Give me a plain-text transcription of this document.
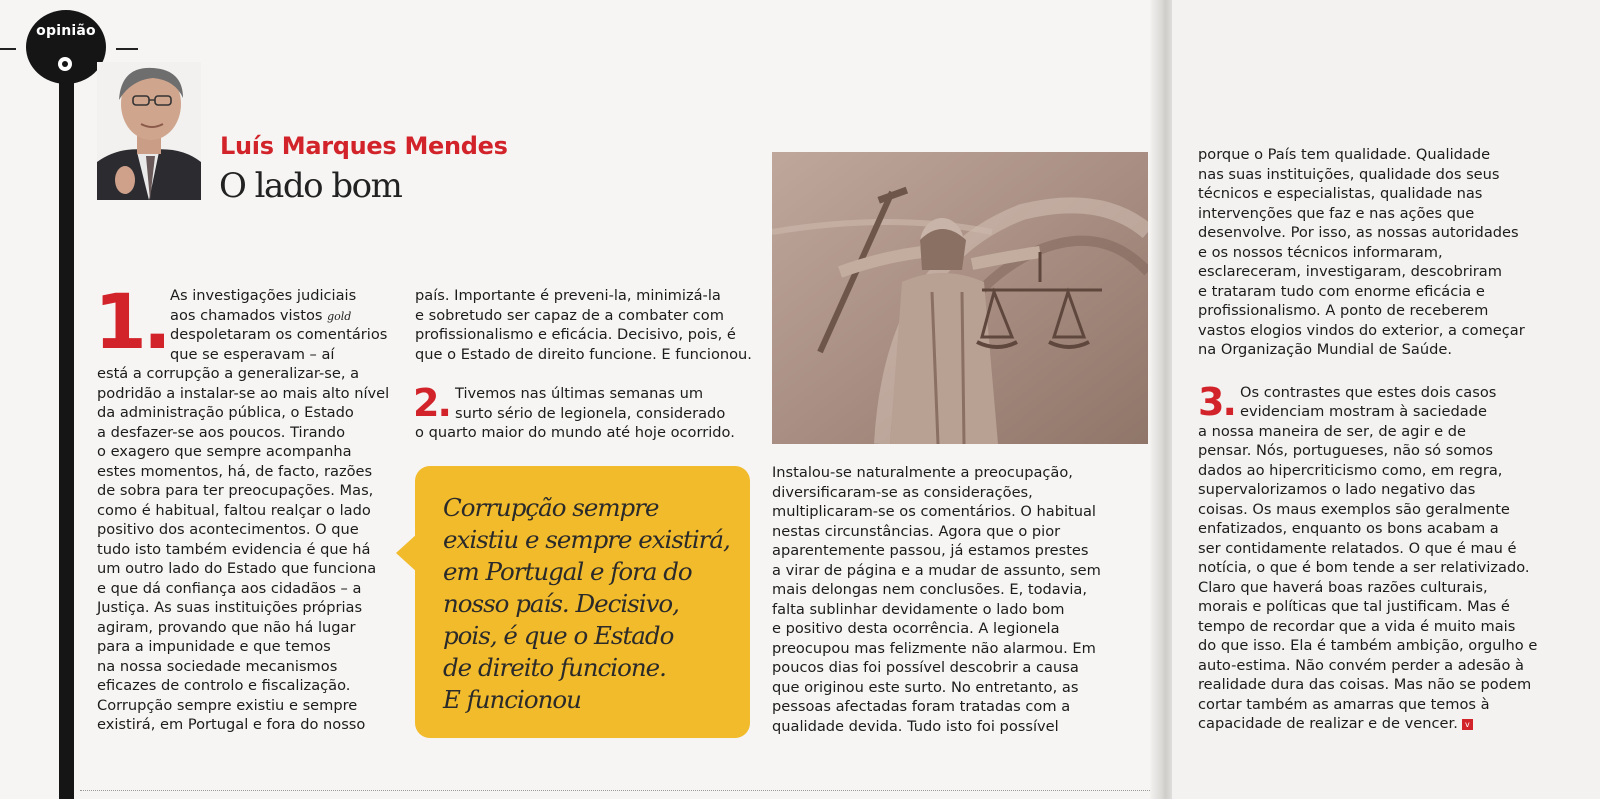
opinião
Luís Marques Mendes
O lado bom
1. As investigações judiciais
aos chamados vistos gold
despoletaram os comentários
que se esperavam – aí
está a corrupção a generalizar-se, a
podridão a instalar-se ao mais alto nível
da administração pública, o Estado
a desfazer-se aos poucos. Tirando
o exagero que sempre acompanha
estes momentos, há, de facto, razões
de sobra para ter preocupações. Mas,
como é habitual, faltou realçar o lado
positivo dos acontecimentos. O que
tudo isto também evidencia é que há
um outro lado do Estado que funciona
e que dá confiança aos cidadãos – a
Justiça. As suas instituições próprias
agiram, provando que não há lugar
para a impunidade e que temos
na nossa sociedade mecanismos
eficazes de controlo e fiscalização.
Corrupção sempre existiu e sempre
existirá, em Portugal e fora do nosso
país. Importante é preveni-la, minimizá-la
e sobretudo ser capaz de a combater com
profissionalismo e eficácia. Decisivo, pois, é
que o Estado de direito funcione. E funcionou.
2. Tivemos nas últimas semanas um
surto sério de legionela, considerado
o quarto maior do mundo até hoje ocorrido.
Corrupção sempre
existiu e sempre existirá,
em Portugal e fora do
nosso país. Decisivo,
pois, é que o Estado
de direito funcione.
E funcionou
Instalou-se naturalmente a preocupação,
diversificaram-se as considerações,
multiplicaram-se os comentários. O habitual
nestas circunstâncias. Agora que o pior
aparentemente passou, já estamos prestes
a virar de página e a mudar de assunto, sem
mais delongas nem conclusões. E, todavia,
falta sublinhar devidamente o lado bom
e positivo desta ocorrência. A legionela
preocupou mas felizmente não alarmou. Em
poucos dias foi possível descobrir a causa
que originou este surto. No entretanto, as
pessoas afectadas foram tratadas com a
qualidade devida. Tudo isto foi possível
porque o País tem qualidade. Qualidade
nas suas instituições, qualidade dos seus
técnicos e especialistas, qualidade nas
intervenções que faz e nas ações que
desenvolve. Por isso, as nossas autoridades
e os nossos técnicos informaram,
esclareceram, investigaram, descobriram
e trataram tudo com enorme eficácia e
profissionalismo. A ponto de receberem
vastos elogios vindos do exterior, a começar
na Organização Mundial de Saúde.
3. Os contrastes que estes dois casos
evidenciam mostram à saciedade
a nossa maneira de ser, de agir e de
pensar. Nós, portugueses, não só somos
dados ao hipercriticismo como, em regra,
supervalorizamos o lado negativo das
coisas. Os maus exemplos são geralmente
enfatizados, enquanto os bons acabam a
ser contidamente relatados. O que é mau é
notícia, o que é bom tende a ser relativizado.
Claro que haverá boas razões culturais,
morais e políticas que tal justificam. Mas é
tempo de recordar que a vida é muito mais
do que isso. Ela é também ambição, orgulho e
auto-estima. Não convém perder a adesão à
realidade dura das coisas. Mas não se podem
cortar também as amarras que temos à
capacidade de realizar e de vencer. v
